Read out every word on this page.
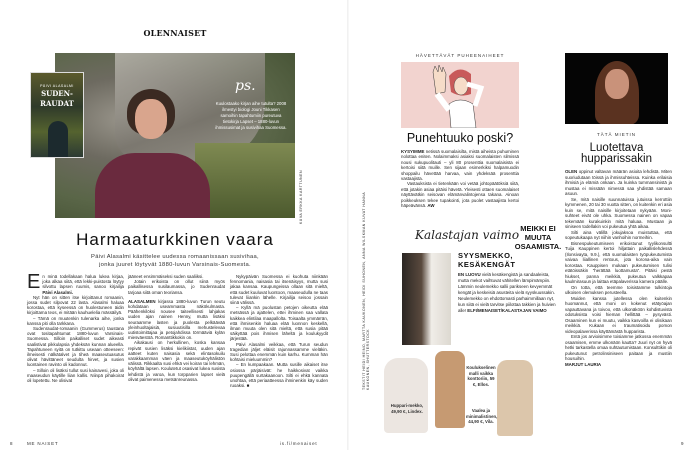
OLENNAISET
ps.
Kuulostaako kirjan aihe tutulta? 2008 ilmestyi biologi Jouni Tikkasen samoihin tapahtumiin pureutuva tietokirja Lapset – 1880-luvun ihmissusimat ja susivihaa Suomessa.
PÄIVI ALASALMI
SUDEN-
RAUDAT
KUVA ERKKA KARTTUNEN
Harmaaturkkinen vaara
Päivi Alasalmi käsittelee uudessa romaanissaan susivihaa,
jonka juuret löytyvät 1880-luvun Varsinais-Suomesta.

En minä todellakaan halua lukea kirjaa, joka alkaa siitä, että lekki-puistosta löytyy silvottu lapsen ruumis, sanoo kirjailija Päivi Alasalmi.

Nyt hän on sitten itse kirjoittanut romaanin, jossa sudet silpovat 22 lasta. Alasalmi haluaa korostaa, että kyseessä on huolestuneen äidin kirjoittama teos, ei mitään kauhuelelia mässäilyä.

– Tämä on muutenkin tulenarka aihe, jonka kanssa piti olla tarkkana.

Sudenraudat-romaanin (Gummerus) taustana ovat tositapahtumat 1880-luvun Varsinais-Suomessa. Silloin paikalliset sudet aikeasti saalistivat pikkulapsia yhdeksän kunnan alueella. Tapahtuneen syitä on tutkittu useaan otteeseen: ilmeisesti nälkätalvet ja tiheä maaseutuasutus olivat hävittäneet seudulta hirvet, ja susien luontainen ravinto oli kadonnut.

– Silloin oli lisäksi tullut susi kainavesi, joka oli maaseudun käytille liian kallis. Niinpä pihakoirat oli lopetettu. Ne olisivat

jääneet ensimmäiseksi suden saaliiksi.

Jotain erikoista on ollut siinä myös paikallisessa susilaumassa, jo Sudenraudat tarjoaa siitä oman teoriansa.

ALASALMEN kirjassa 1880-luvun Turun seutu kohdataan useammasta näkökulmasta. Päähenkilöksi nousee taiteellisesti lahjakas uuden ajan nainen Henny, mutta lisäksi seuraamme lasten ja puolesta pelkäävää yleinhuoltajaisiä, susiuutisilla mehustelevaa uutistoimittajaa ja petojahdissa törmääviä kylän miesväestöä. Romanttikkokin on.

Aikakausi on herkullinen, koska kansaa repivät susien lisäksi kielikiistat, uuden ajan aatteet kuten naisasia sekä elintasokuilu varakkaamman väen ja maaseutuköyhälistön välissä. Rikkaalta susi ehkä vei koiran tai lehmän, köyhältä lapsen. Koulutetut osasivat lukea susista lehdistä ja varoa, kun torpparien lapset vielä olivat paimenessa metsänreunassa.

Nykypäivän Suomessa ei kuohuta niinkään fennomania, naisasia tai itsenäisyys, mutta susi jakaa kansaa. Kaupungeissa ollaan sitä mieltä, että sudet kuuluvat luontoon, maaseudulla ne taas tulevat liiankin lähelle. Kirjailija seisoo jossain siinä välissä.

– Kyllä mä puolustan petojen oikeutta elää metsässä ja ajattelen, ettei ihminen saa vallata kaikkea elintilaa maapallolta. Toisaalta ymmärrän, että ihmisenkin haluaa elää luonnon keskellä, ilman muuta olen sitä mieltä, että susia pitää säikyttää pois ihmisen läheltä ja koulukyydit järjestää.

Päivi Alasalmi veikkaa, että Turun seudun tragedian jäljet eläisit rajunnassamme vieläkin. Susi pelottaa enemmän kuin karhu. Kumman hän kohtaisi mieluummin?

– En kumpaakaan. Mutta susille aikaiset itse osiossa pärjäisivät: he haikkosivat vaikka puupengällä surtakaanoon. Silti ei ehkä kannata unohtaa, että periaatteessa ihminenkin käy suden ruoaksi. ■

8	ME NAISET	is.fi/menaiset
TEKSTIT HEIDI HEINO, MARTTA KAUKONEN, HEIDI SUHONEN, ANNA WILSKMAN KUVAT HANNA KAUKONEN, SHUTTERSTOCK
HÄVETTÄVÄT PUHEENAIHEET
Punehtuuko poski?

KYSYIMME netissä suomalaisilta, mistä aiheista puhuminen nolottaa eniten. Nolaimmaksi asiaksi suomalaisten silmissä nousi sukupuolitauti – yli 80 prosenttia suomalaisista ei kertoisi siitä muille. Sen sijaan esimerkiksi halpamuodin shoppailu hävettää harvaa, vain yhdeksää prosenttia vastaajista.

Vastauksista ei tietenkään voi vetää johtopäätöksiä siitä, että jotakin asiaa pitäisi hävetä. Yleisesti ottaen suomalaiset näyttävätkin seisovan elämänvalintojensa takana. Ainoan poikkeuksen tekee tupakointi, jota puolet vastaajista kertoi häpeävänsä. AW

TÄTÄ MIETIN
Luotettava
hupparissakin

OLEN oppinut valtavan määrän asioita lehdistä. Miten suoriudutaan töissä ja ihmissuhteissa. Kuinka erilaisia ihmisiä ja elämiä onkaan. Ja kuinka tummansinistä ja mustaa ei missään nimessä saa yhdistää samaan asuun.

Se, mitä naisille suunnatuissa jutuissa kerrottiin kymmenen, 20 tai 30 vuotta sitten, on kuitenkin eri asia kuin se, mitä naisille kirjoitetaan nykyään. Moni-suhteet eivät ole uhka. Suomessa nainen on vapaa tekemään kurakuinkin mitä haluaa. Mustaan ja siniseen todellakin voi pukeutua yhtä aikaa.

Silti aina välillä jokujaksoa muistuttaa, että sopeutukaapa nyt niihin vanhoihin normeihin.

Bisnespukeutumiseen erikoistunut tyylikonsultti Tuija Kauppinen kertoi hiljattain paikallislehdessä (Ilonsivayta, 9.9.), että suomalaisten työpukeutumista vaivaa liiallinen rentous, jota korona-aika vain korostaa. Kauppisen mukaan pukeutumisen tulisi etätöissäkin "herättää luottamusta". Pitäisi pestä hiukset, panna meikkiä, pukeutua valkkapaa kaulmirasuun ja laittaa etäpalaverissa kamera päälle.

On totta, että teemme toisistamme tulkintoja ulkoisen olemuksen perusteella.

Muiden kanssa jutellessa olen kuitenkin huomannut, että moni on kokenut etätyöajan vapauttavana ja toivoo, että ulkonäköön kohdistuvista odotuksista voisi hieman hellittää – pysyvästi. Osaaminen kun ei muutu, vaikka kasvoilla ei olisikaan meikkiä. Kukaan ei traumatisoidu pomon videopalaverissa käyttämästä hupparista.

Entä jos arvioisimme toisiamme jatkossa enemmän osaamisen, emme ulkonäön kautta? Juuri nyt on hyvä hetki tarkastella omaa suhtautumistaan. Konsulttikin oli pukeutunut petrolinsiniseen paitaan ja mustiin housuihin.

MARJUT LAURIA

MEIKKI EI MUUTA OSAAMISTA.
Kalastajan vaimo
SYYSMEKKO,
KESÄKENGÄT

EN LUOVU vielä kesäkengistä ja sandaaleista, mutta mekot vaihtuvat vähitellen lämpimämpiin. Lämmin neulemekko sallii parikseen kevyemmät kengät ja keskeisiä asusteita vielä syyskuussakin. Neulemekko on ehdottomasti parhaimmillaan nyt, kun siitä ei vielä tarvitse piilottaa takkien ja huivien alle! ELFI/MENAISET/KALASTAJAN VAIMO

Huppari-mekko, 49,90 €, Lindex.
Koulukselinen malli vaikka konttoriin, 59 €, Ellos.
Vaalea ja minimalistinen, 44,90 €, Vila.
9
